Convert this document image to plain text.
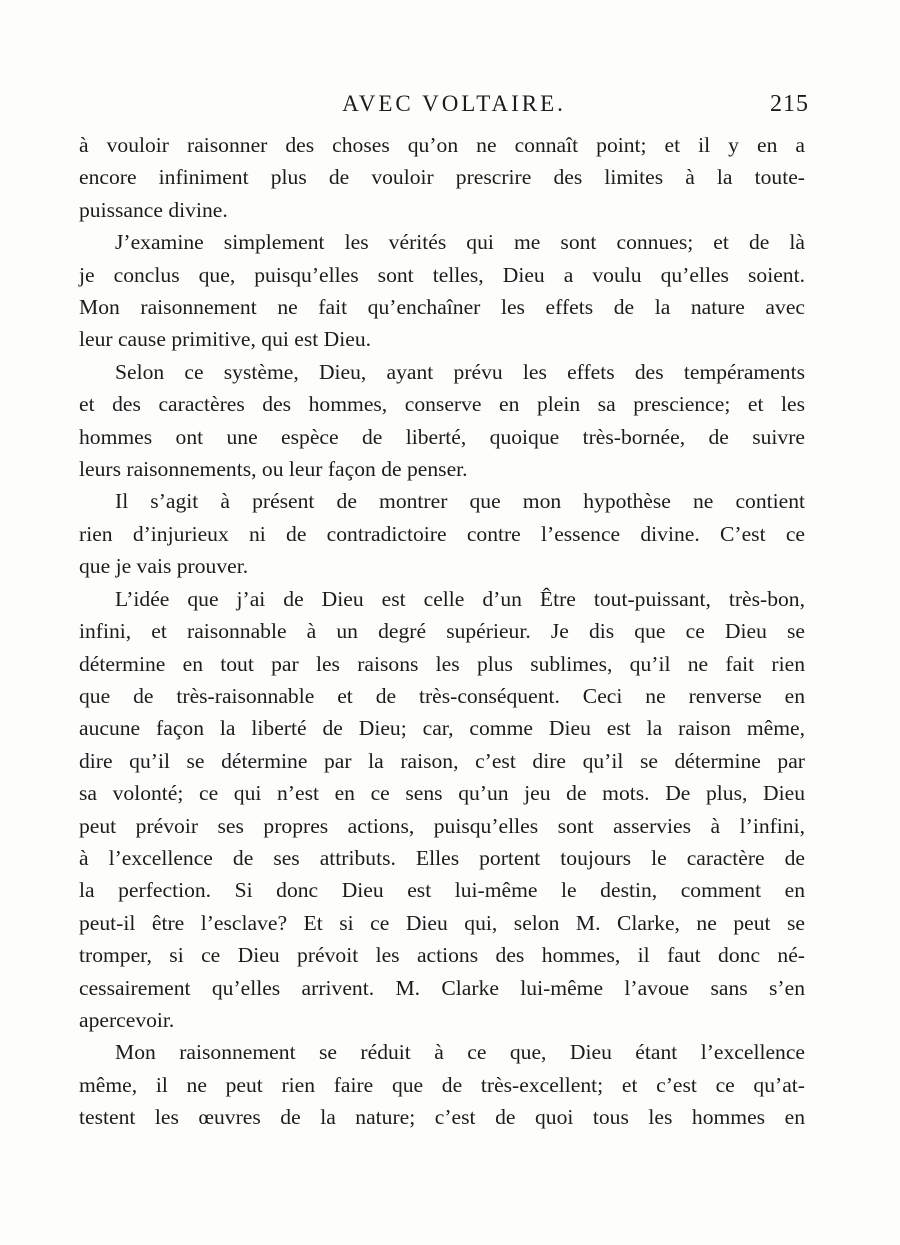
AVEC VOLTAIRE.	215
à vouloir raisonner des choses qu’on ne connaît point; et il y en a
encore infiniment plus de vouloir prescrire des limites à la toute-
puissance divine.
J’examine simplement les vérités qui me sont connues; et de là
je conclus que, puisqu’elles sont telles, Dieu a voulu qu’elles soient.
Mon raisonnement ne fait qu’enchaîner les effets de la nature avec
leur cause primitive, qui est Dieu.
Selon ce système, Dieu, ayant prévu les effets des tempéraments
et des caractères des hommes, conserve en plein sa prescience; et les
hommes ont une espèce de liberté, quoique très-bornée, de suivre
leurs raisonnements, ou leur façon de penser.
Il s’agit à présent de montrer que mon hypothèse ne contient
rien d’injurieux ni de contradictoire contre l’essence divine. C’est ce
que je vais prouver.
L’idée que j’ai de Dieu est celle d’un Être tout-puissant, très-bon,
infini, et raisonnable à un degré supérieur. Je dis que ce Dieu se
détermine en tout par les raisons les plus sublimes, qu’il ne fait rien
que de très-raisonnable et de très-conséquent. Ceci ne renverse en
aucune façon la liberté de Dieu; car, comme Dieu est la raison même,
dire qu’il se détermine par la raison, c’est dire qu’il se détermine par
sa volonté; ce qui n’est en ce sens qu’un jeu de mots. De plus, Dieu
peut prévoir ses propres actions, puisqu’elles sont asservies à l’infini,
à l’excellence de ses attributs. Elles portent toujours le caractère de
la perfection. Si donc Dieu est lui-même le destin, comment en
peut-il être l’esclave? Et si ce Dieu qui, selon M. Clarke, ne peut se
tromper, si ce Dieu prévoit les actions des hommes, il faut donc né-
cessairement qu’elles arrivent. M. Clarke lui-même l’avoue sans s’en
apercevoir.
Mon raisonnement se réduit à ce que, Dieu étant l’excellence
même, il ne peut rien faire que de très-excellent; et c’est ce qu’at-
testent les œuvres de la nature; c’est de quoi tous les hommes en
